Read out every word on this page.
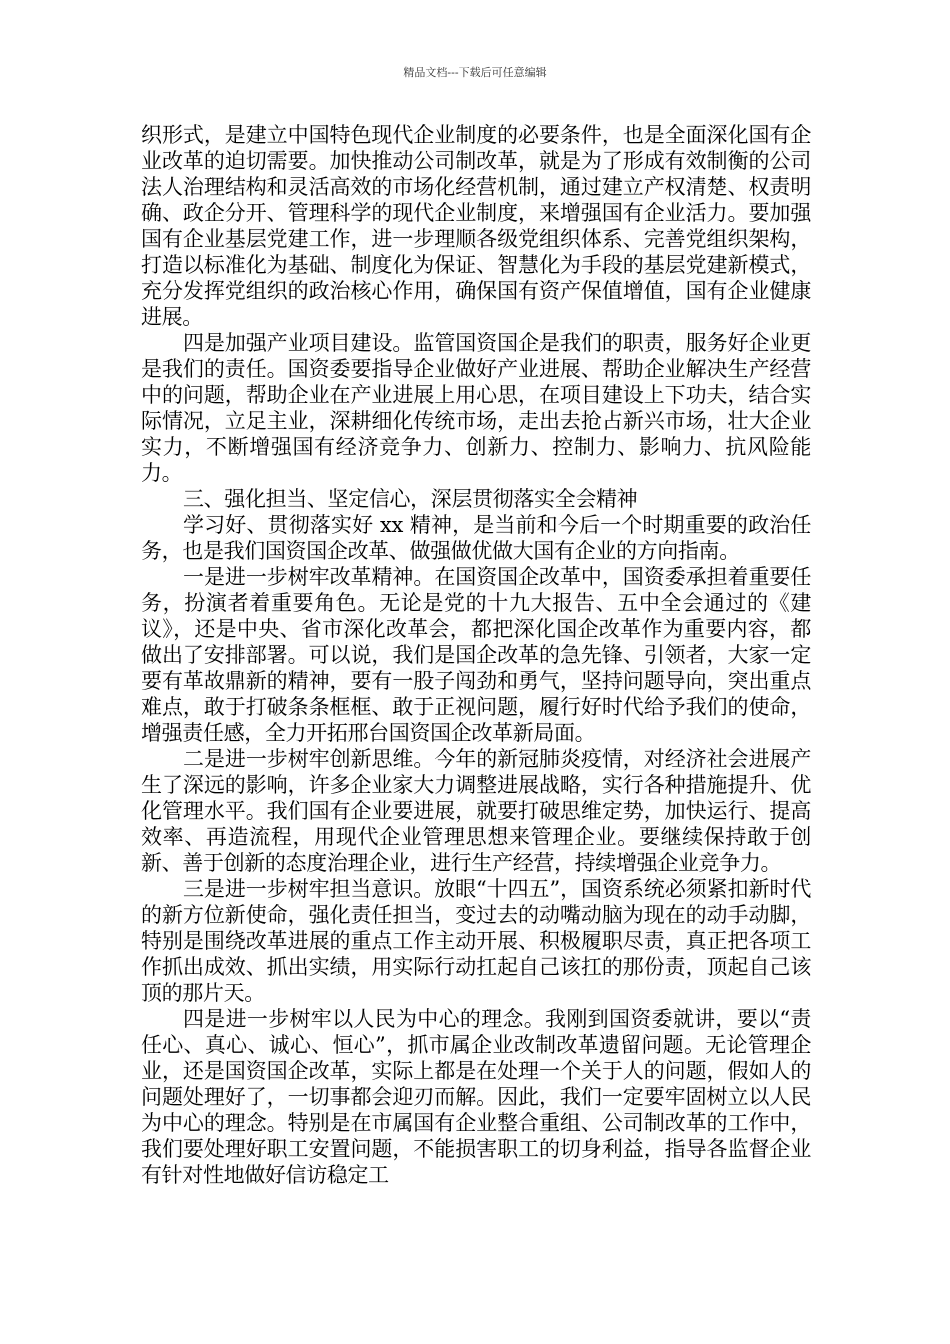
精品文档---下载后可任意编辑

织形式，是建立中国特色现代企业制度的必要条件，也是全面深化国有企业改革的迫切需要。加快推动公司制改革，就是为了形成有效制衡的公司法人治理结构和灵活高效的市场化经营机制，通过建立产权清楚、权责明确、政企分开、管理科学的现代企业制度，来增强国有企业活力。要加强国有企业基层党建工作，进一步理顺各级党组织体系、完善党组织架构，打造以标准化为基础、制度化为保证、智慧化为手段的基层党建新模式，充分发挥党组织的政治核心作用，确保国有资产保值增值，国有企业健康进展。

四是加强产业项目建设。监管国资国企是我们的职责，服务好企业更是我们的责任。国资委要指导企业做好产业进展、帮助企业解决生产经营中的问题，帮助企业在产业进展上用心思，在项目建设上下功夫，结合实际情况，立足主业，深耕细化传统市场，走出去抢占新兴市场，壮大企业实力，不断增强国有经济竞争力、创新力、控制力、影响力、抗风险能力。

三、强化担当、坚定信心，深层贯彻落实全会精神

学习好、贯彻落实好 xx 精神，是当前和今后一个时期重要的政治任务，也是我们国资国企改革、做强做优做大国有企业的方向指南。

一是进一步树牢改革精神。在国资国企改革中，国资委承担着重要任务，扮演者着重要角色。无论是党的十九大报告、五中全会通过的《建议》，还是中央、省市深化改革会，都把深化国企改革作为重要内容，都做出了安排部署。可以说，我们是国企改革的急先锋、引领者，大家一定要有革故鼎新的精神，要有一股子闯劲和勇气，坚持问题导向，突出重点难点，敢于打破条条框框、敢于正视问题，履行好时代给予我们的使命，增强责任感，全力开拓邢台国资国企改革新局面。

二是进一步树牢创新思维。今年的新冠肺炎疫情，对经济社会进展产生了深远的影响，许多企业家大力调整进展战略，实行各种措施提升、优化管理水平。我们国有企业要进展，就要打破思维定势，加快运行、提高效率、再造流程，用现代企业管理思想来管理企业。要继续保持敢于创新、善于创新的态度治理企业，进行生产经营，持续增强企业竞争力。

三是进一步树牢担当意识。放眼“十四五”，国资系统必须紧扣新时代的新方位新使命，强化责任担当，变过去的动嘴动脑为现在的动手动脚，特别是围绕改革进展的重点工作主动开展、积极履职尽责，真正把各项工作抓出成效、抓出实绩，用实际行动扛起自己该扛的那份责，顶起自己该顶的那片天。

四是进一步树牢以人民为中心的理念。我刚到国资委就讲，要以“责任心、真心、诚心、恒心”，抓市属企业改制改革遗留问题。无论管理企业，还是国资国企改革，实际上都是在处理一个关于人的问题，假如人的问题处理好了，一切事都会迎刃而解。因此，我们一定要牢固树立以人民为中心的理念。特别是在市属国有企业整合重组、公司制改革的工作中，我们要处理好职工安置问题，不能损害职工的切身利益，指导各监督企业有针对性地做好信访稳定工
